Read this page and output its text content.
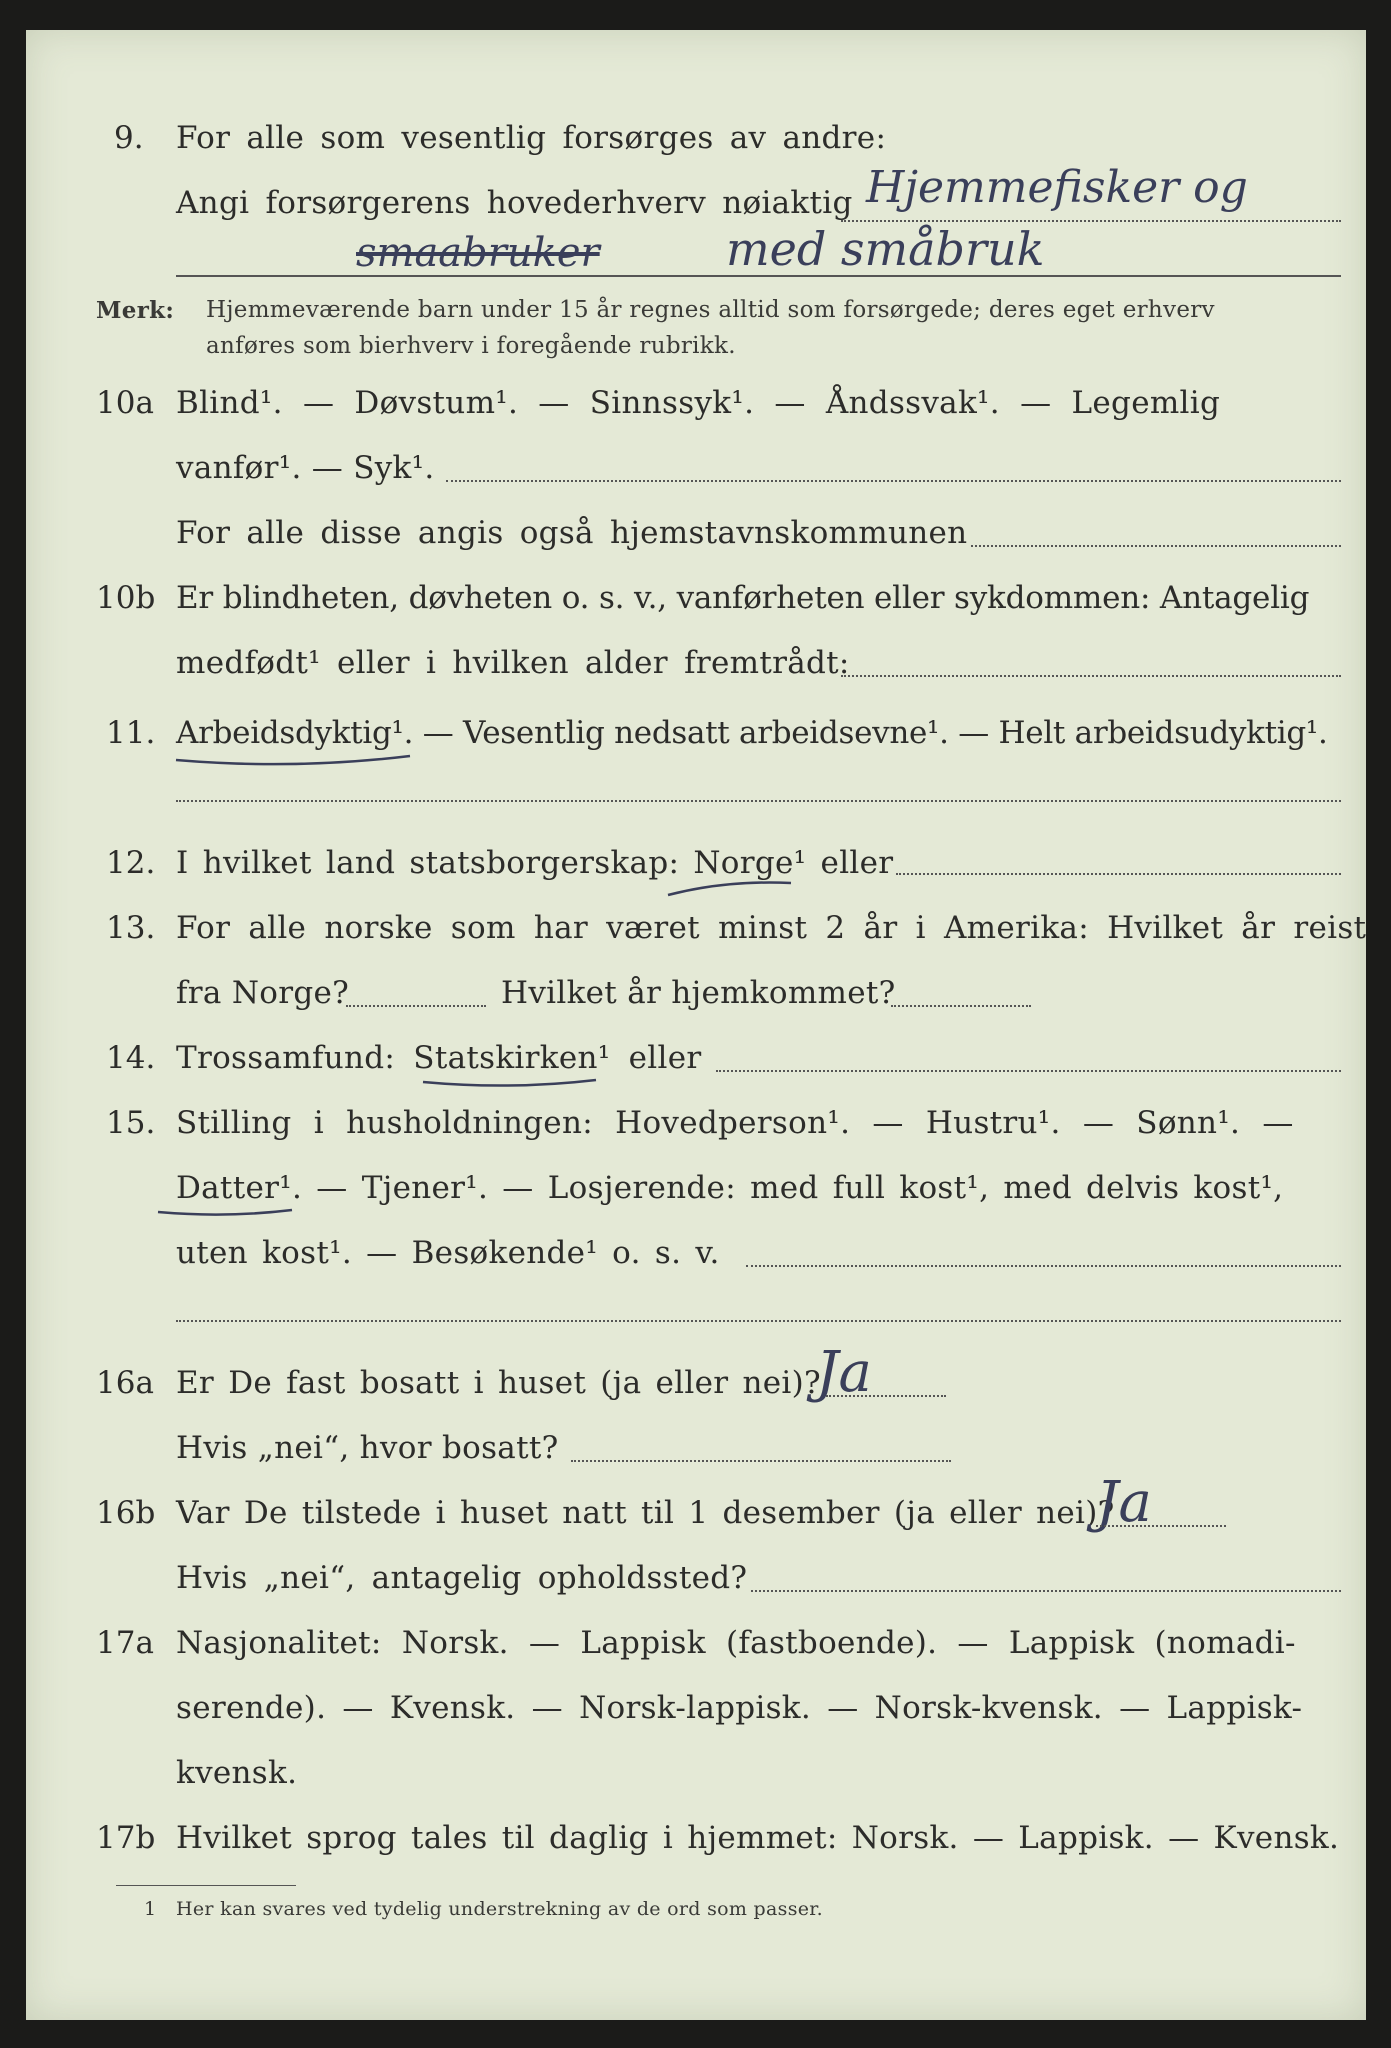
9. For alle som vesentlig forsørges av andre:
Angi forsørgerens hovederhverv nøiaktig Hjemmefisker og
smaabruker	med småbruk
Merk: Hjemmeværende barn under 15 år regnes alltid som forsørgede; deres eget erhverv
anføres som bierhverv i foregående rubrikk.
10a Blind¹. — Døvstum¹. — Sinnssyk¹. — Åndssvak¹. — Legemlig
vanfør¹. — Syk¹.
For alle disse angis også hjemstavnskommunen
10b Er blindheten, døvheten o. s. v., vanførheten eller sykdommen: Antagelig
medfødt¹ eller i hvilken alder fremtrådt:
11. Arbeidsdyktig¹. — Vesentlig nedsatt arbeidsevne¹. — Helt arbeidsudyktig¹.
12. I hvilket land statsborgerskap: Norge¹ eller
13. For alle norske som har været minst 2 år i Amerika: Hvilket år reist
fra Norge?	Hvilket år hjemkommet?
14. Trossamfund: Statskirken¹ eller
15. Stilling i husholdningen: Hovedperson¹. — Hustru¹. — Sønn¹. —
Datter¹. — Tjener¹. — Losjerende: med full kost¹, med delvis kost¹,
uten kost¹. — Besøkende¹ o. s. v.
16a Er De fast bosatt i huset (ja eller nei)?
Ja
Hvis „nei“, hvor bosatt?
16b Var De tilstede i huset natt til 1 desember (ja eller nei)?
Ja
Hvis „nei“, antagelig opholdssted?
17a Nasjonalitet: Norsk. — Lappisk (fastboende). — Lappisk (nomadi-
serende). — Kvensk. — Norsk-lappisk. — Norsk-kvensk. — Lappisk-
kvensk.
17b Hvilket sprog tales til daglig i hjemmet: Norsk. — Lappisk. — Kvensk.
1 Her kan svares ved tydelig understrekning av de ord som passer.
